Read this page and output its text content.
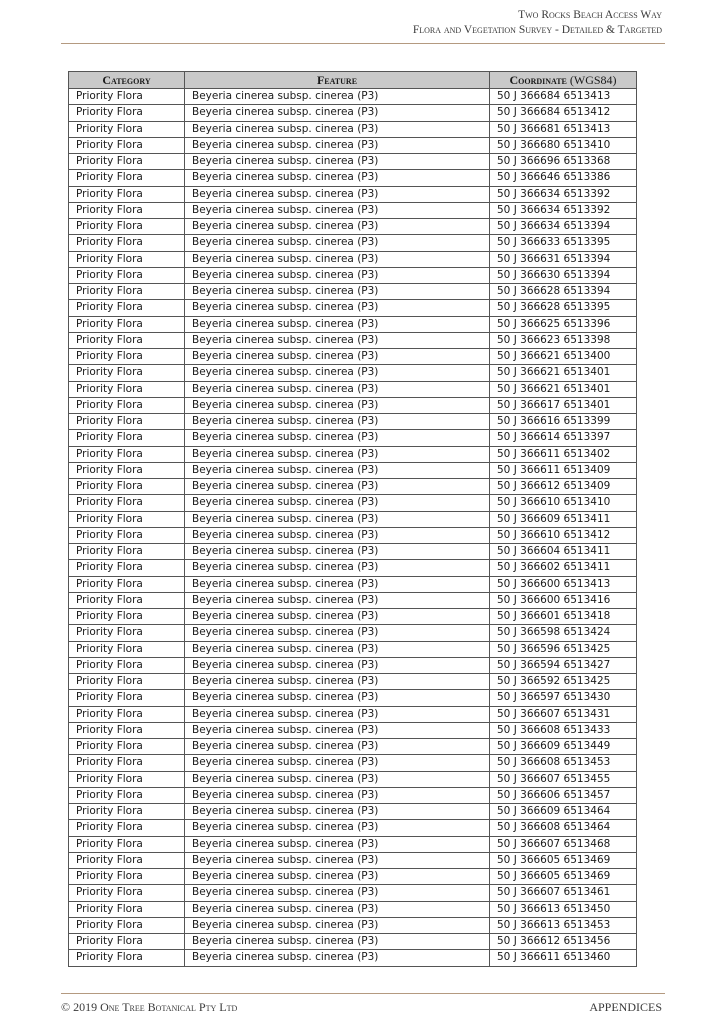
Two Rocks Beach Access Way
Flora and Vegetation Survey - Detailed & Targeted
Category	Feature	Coordinate (WGS84)
Priority Flora	Beyeria cinerea subsp. cinerea (P3)	50 J 366684 6513413
Priority Flora	Beyeria cinerea subsp. cinerea (P3)	50 J 366684 6513412
Priority Flora	Beyeria cinerea subsp. cinerea (P3)	50 J 366681 6513413
Priority Flora	Beyeria cinerea subsp. cinerea (P3)	50 J 366680 6513410
Priority Flora	Beyeria cinerea subsp. cinerea (P3)	50 J 366696 6513368
Priority Flora	Beyeria cinerea subsp. cinerea (P3)	50 J 366646 6513386
Priority Flora	Beyeria cinerea subsp. cinerea (P3)	50 J 366634 6513392
Priority Flora	Beyeria cinerea subsp. cinerea (P3)	50 J 366634 6513392
Priority Flora	Beyeria cinerea subsp. cinerea (P3)	50 J 366634 6513394
Priority Flora	Beyeria cinerea subsp. cinerea (P3)	50 J 366633 6513395
Priority Flora	Beyeria cinerea subsp. cinerea (P3)	50 J 366631 6513394
Priority Flora	Beyeria cinerea subsp. cinerea (P3)	50 J 366630 6513394
Priority Flora	Beyeria cinerea subsp. cinerea (P3)	50 J 366628 6513394
Priority Flora	Beyeria cinerea subsp. cinerea (P3)	50 J 366628 6513395
Priority Flora	Beyeria cinerea subsp. cinerea (P3)	50 J 366625 6513396
Priority Flora	Beyeria cinerea subsp. cinerea (P3)	50 J 366623 6513398
Priority Flora	Beyeria cinerea subsp. cinerea (P3)	50 J 366621 6513400
Priority Flora	Beyeria cinerea subsp. cinerea (P3)	50 J 366621 6513401
Priority Flora	Beyeria cinerea subsp. cinerea (P3)	50 J 366621 6513401
Priority Flora	Beyeria cinerea subsp. cinerea (P3)	50 J 366617 6513401
Priority Flora	Beyeria cinerea subsp. cinerea (P3)	50 J 366616 6513399
Priority Flora	Beyeria cinerea subsp. cinerea (P3)	50 J 366614 6513397
Priority Flora	Beyeria cinerea subsp. cinerea (P3)	50 J 366611 6513402
Priority Flora	Beyeria cinerea subsp. cinerea (P3)	50 J 366611 6513409
Priority Flora	Beyeria cinerea subsp. cinerea (P3)	50 J 366612 6513409
Priority Flora	Beyeria cinerea subsp. cinerea (P3)	50 J 366610 6513410
Priority Flora	Beyeria cinerea subsp. cinerea (P3)	50 J 366609 6513411
Priority Flora	Beyeria cinerea subsp. cinerea (P3)	50 J 366610 6513412
Priority Flora	Beyeria cinerea subsp. cinerea (P3)	50 J 366604 6513411
Priority Flora	Beyeria cinerea subsp. cinerea (P3)	50 J 366602 6513411
Priority Flora	Beyeria cinerea subsp. cinerea (P3)	50 J 366600 6513413
Priority Flora	Beyeria cinerea subsp. cinerea (P3)	50 J 366600 6513416
Priority Flora	Beyeria cinerea subsp. cinerea (P3)	50 J 366601 6513418
Priority Flora	Beyeria cinerea subsp. cinerea (P3)	50 J 366598 6513424
Priority Flora	Beyeria cinerea subsp. cinerea (P3)	50 J 366596 6513425
Priority Flora	Beyeria cinerea subsp. cinerea (P3)	50 J 366594 6513427
Priority Flora	Beyeria cinerea subsp. cinerea (P3)	50 J 366592 6513425
Priority Flora	Beyeria cinerea subsp. cinerea (P3)	50 J 366597 6513430
Priority Flora	Beyeria cinerea subsp. cinerea (P3)	50 J 366607 6513431
Priority Flora	Beyeria cinerea subsp. cinerea (P3)	50 J 366608 6513433
Priority Flora	Beyeria cinerea subsp. cinerea (P3)	50 J 366609 6513449
Priority Flora	Beyeria cinerea subsp. cinerea (P3)	50 J 366608 6513453
Priority Flora	Beyeria cinerea subsp. cinerea (P3)	50 J 366607 6513455
Priority Flora	Beyeria cinerea subsp. cinerea (P3)	50 J 366606 6513457
Priority Flora	Beyeria cinerea subsp. cinerea (P3)	50 J 366609 6513464
Priority Flora	Beyeria cinerea subsp. cinerea (P3)	50 J 366608 6513464
Priority Flora	Beyeria cinerea subsp. cinerea (P3)	50 J 366607 6513468
Priority Flora	Beyeria cinerea subsp. cinerea (P3)	50 J 366605 6513469
Priority Flora	Beyeria cinerea subsp. cinerea (P3)	50 J 366605 6513469
Priority Flora	Beyeria cinerea subsp. cinerea (P3)	50 J 366607 6513461
Priority Flora	Beyeria cinerea subsp. cinerea (P3)	50 J 366613 6513450
Priority Flora	Beyeria cinerea subsp. cinerea (P3)	50 J 366613 6513453
Priority Flora	Beyeria cinerea subsp. cinerea (P3)	50 J 366612 6513456
Priority Flora	Beyeria cinerea subsp. cinerea (P3)	50 J 366611 6513460
© 2019 One Tree Botanical Pty Ltd	APPENDICES
